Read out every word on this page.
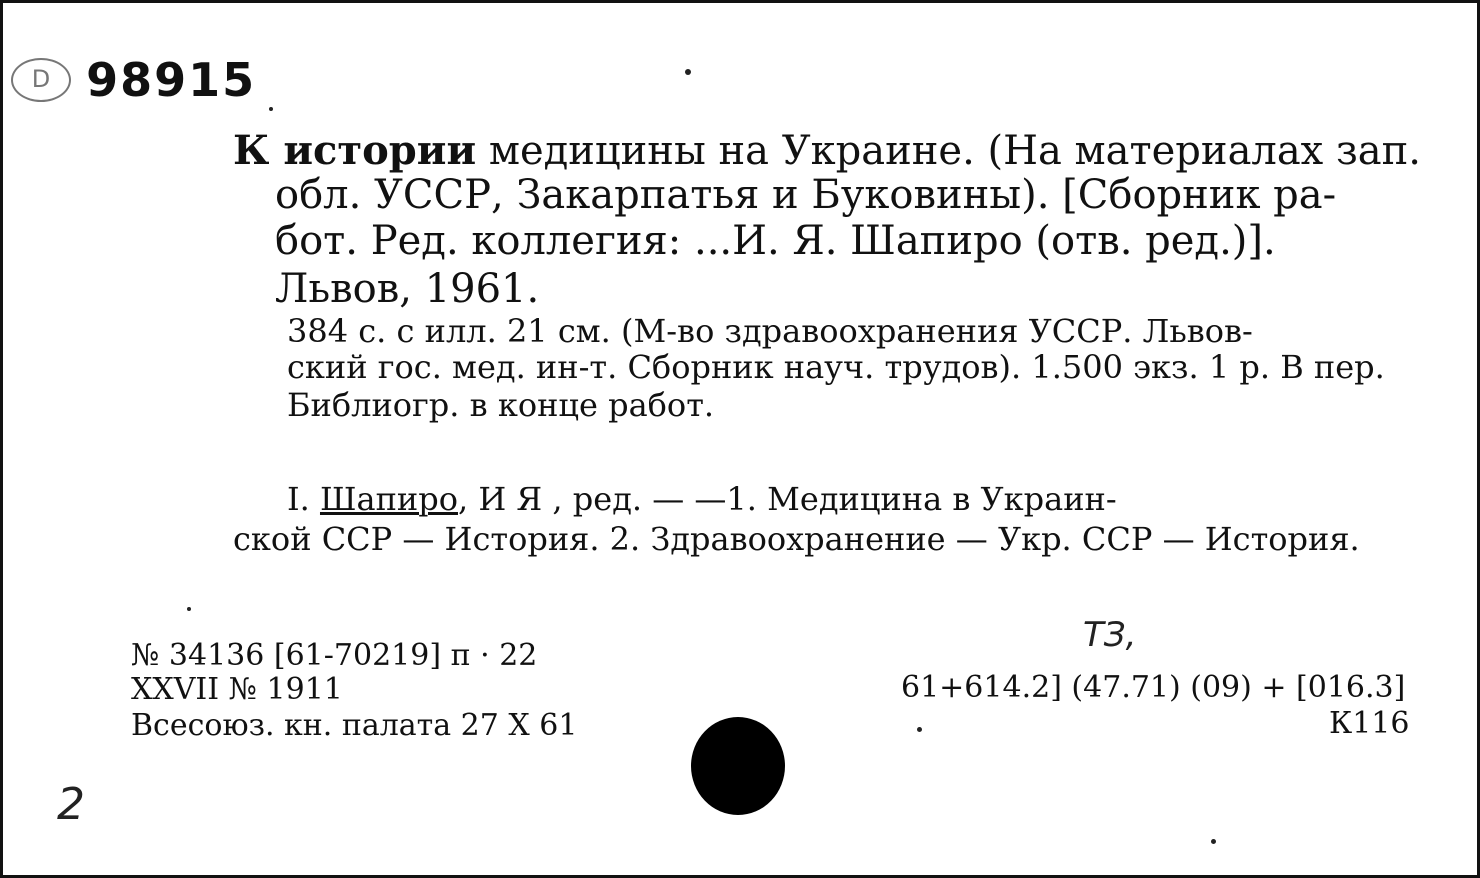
D 98915
К истории медицины на Украине. (На материалах зап.
обл. УССР, Закарпатья и Буковины). [Сборник ра-
бот. Ред. коллегия: ...И. Я. Шапиро (отв. ред.)].
Львов, 1961.
384 с. с илл. 21 см. (М-во здравоохранения УССР. Львов-
ский гос. мед. ин-т. Сборник науч. трудов). 1.500 экз. 1 р. В пер.
Библиогр. в конце работ.
I. Шапиро, И Я , ред. — —1. Медицина в Украин-
ской ССР — История. 2. Здравоохранение — Укр. ССР — История.
№ 34136 [61-70219] п · 22
XXVII № 1911
Всесоюз. кн. палата 27 X 61
ТЗ,
61+614.2] (47.71) (09) + [016.3]
К116
2
